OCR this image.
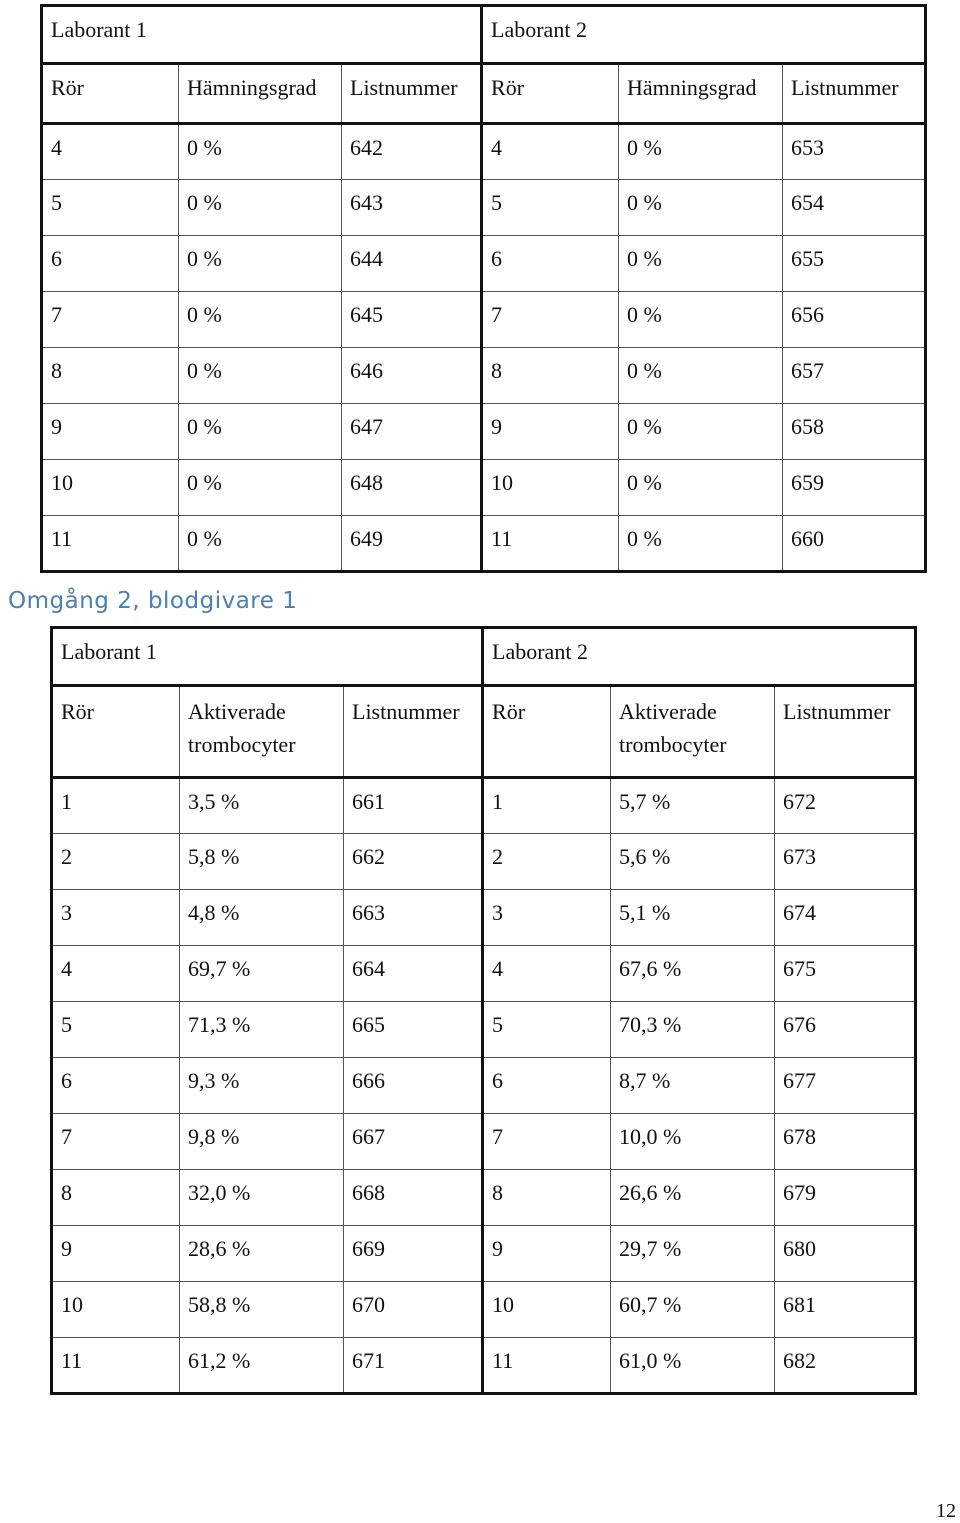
Laborant 1			Laborant 2		
Rör	Hämningsgrad	Listnummer	Rör	Hämningsgrad	Listnummer
4	0 %	642	4	0 %	653
5	0 %	643	5	0 %	654
6	0 %	644	6	0 %	655
7	0 %	645	7	0 %	656
8	0 %	646	8	0 %	657
9	0 %	647	9	0 %	658
10	0 %	648	10	0 %	659
11	0 %	649	11	0 %	660
Omgång 2, blodgivare 1
Laborant 1			Laborant 2		
Rör	Aktiverade trombocyter	Listnummer	Rör	Aktiverade trombocyter	Listnummer
1	3,5 %	661	1	5,7 %	672
2	5,8 %	662	2	5,6 %	673
3	4,8 %	663	3	5,1 %	674
4	69,7 %	664	4	67,6 %	675
5	71,3 %	665	5	70,3 %	676
6	9,3 %	666	6	8,7 %	677
7	9,8 %	667	7	10,0 %	678
8	32,0 %	668	8	26,6 %	679
9	28,6 %	669	9	29,7 %	680
10	58,8 %	670	10	60,7 %	681
11	61,2 %	671	11	61,0 %	682
12
